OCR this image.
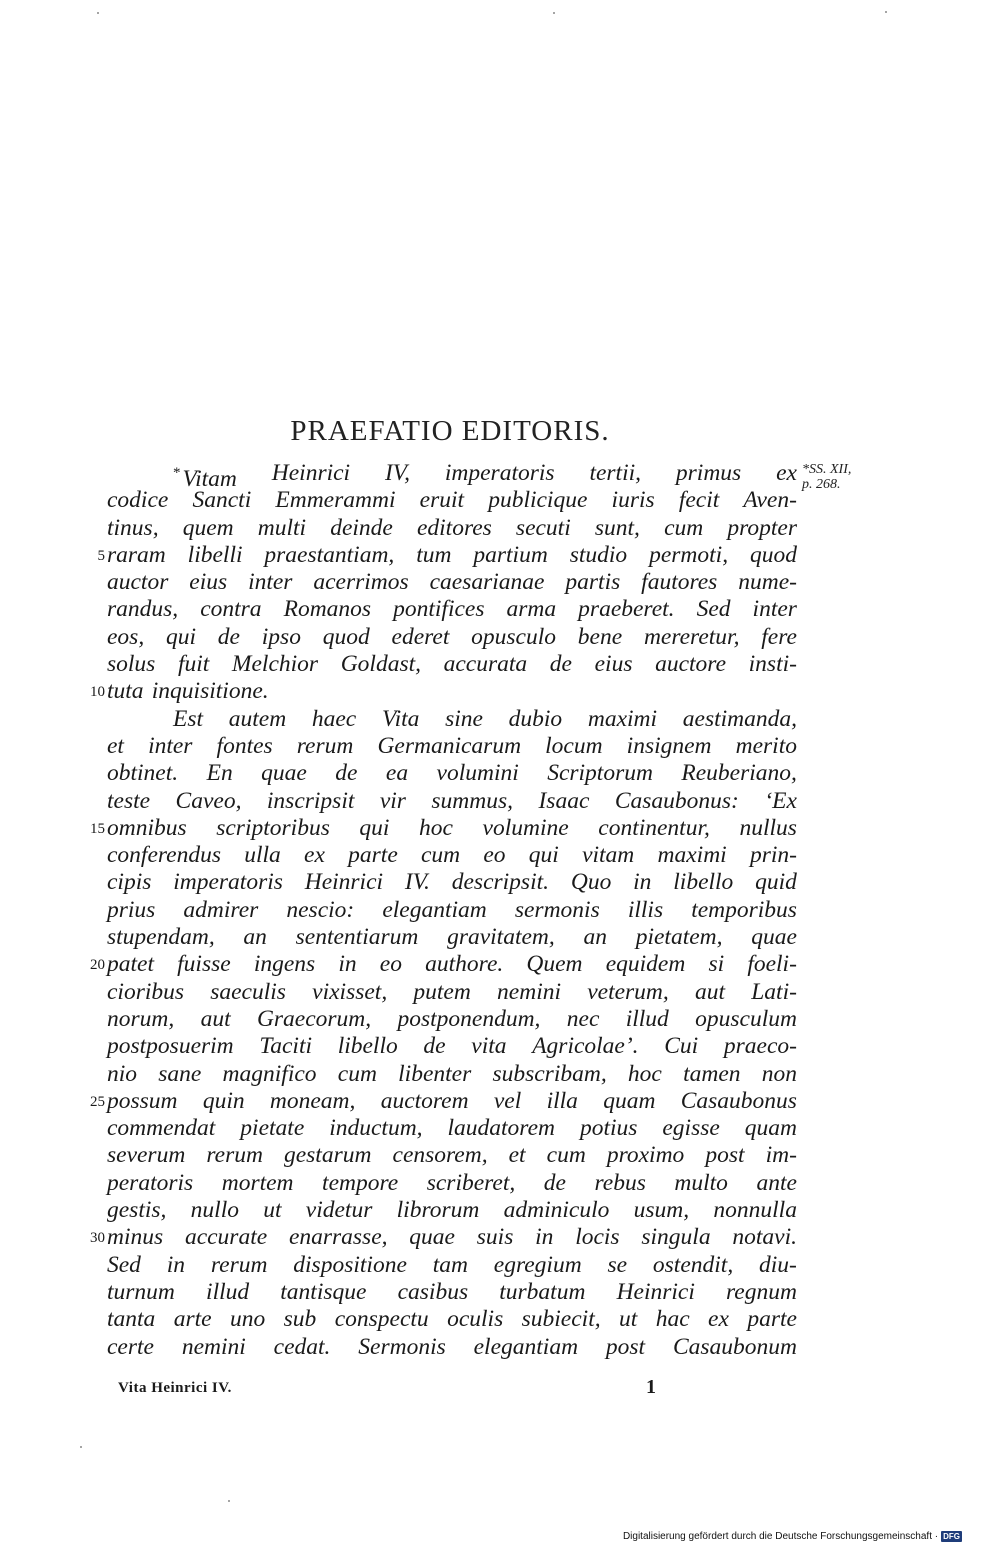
PRAEFATIO EDITORIS.
*SS. XII,
p. 268.
*Vitam Heinrici IV, imperatoris tertii, primus ex
codice Sancti Emmerammi eruit publicique iuris fecit Aven-
tinus, quem multi deinde editores secuti sunt, cum propter
5 raram libelli praestantiam, tum partium studio permoti, quod
auctor eius inter acerrimos caesarianae partis fautores nume-
randus, contra Romanos pontifices arma praeberet. Sed inter
eos, qui de ipso quod ederet opusculo bene mereretur, fere
solus fuit Melchior Goldast, accurata de eius auctore insti-
10 tuta inquisitione.
Est autem haec Vita sine dubio maximi aestimanda,
et inter fontes rerum Germanicarum locum insignem merito
obtinet. En quae de ea volumini Scriptorum Reuberiano,
teste Caveo, inscripsit vir summus, Isaac Casaubonus: ‘Ex
15 omnibus scriptoribus qui hoc volumine continentur, nullus
conferendus ulla ex parte cum eo qui vitam maximi prin-
cipis imperatoris Heinrici IV. descripsit. Quo in libello quid
prius admirer nescio: elegantiam sermonis illis temporibus
stupendam, an sententiarum gravitatem, an pietatem, quae
20 patet fuisse ingens in eo authore. Quem equidem si foeli-
cioribus saeculis vixisset, putem nemini veterum, aut Lati-
norum, aut Graecorum, postponendum, nec illud opusculum
postposuerim Taciti libello de vita Agricolae’. Cui praeco-
nio sane magnifico cum libenter subscribam, hoc tamen non
25 possum quin moneam, auctorem vel illa quam Casaubonus
commendat pietate inductum, laudatorem potius egisse quam
severum rerum gestarum censorem, et cum proximo post im-
peratoris mortem tempore scriberet, de rebus multo ante
gestis, nullo ut videtur librorum adminiculo usum, nonnulla
30 minus accurate enarrasse, quae suis in locis singula notavi.
Sed in rerum dispositione tam egregium se ostendit, diu-
turnum illud tantisque casibus turbatum Heinrici regnum
tanta arte uno sub conspectu oculis subiecit, ut hac ex parte
certe nemini cedat. Sermonis elegantiam post Casaubonum
Vita Heinrici IV.	1
Digitalisierung gefördert durch die Deutsche Forschungsgemeinschaft · DFG
